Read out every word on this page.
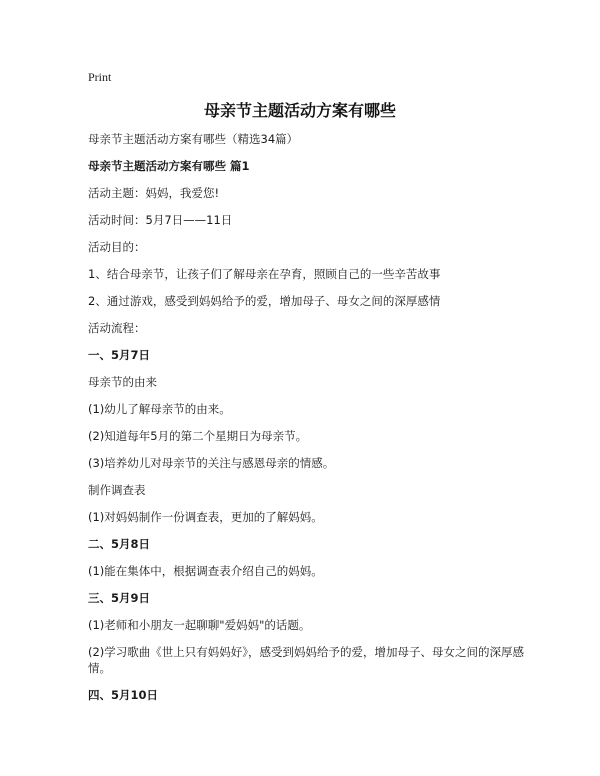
Print
母亲节主题活动方案有哪些

母亲节主题活动方案有哪些（精选34篇）

母亲节主题活动方案有哪些 篇1

活动主题：妈妈，我爱您!

活动时间：5月7日——11日

活动目的：

1、结合母亲节，让孩子们了解母亲在孕育，照顾自己的一些辛苦故事

2、通过游戏，感受到妈妈给予的爱，增加母子、母女之间的深厚感情

活动流程：

一、5月7日

母亲节的由来

(1)幼儿了解母亲节的由来。

(2)知道每年5月的第二个星期日为母亲节。

(3)培养幼儿对母亲节的关注与感恩母亲的情感。

制作调查表

(1)对妈妈制作一份调查表，更加的了解妈妈。

二、5月8日

(1)能在集体中，根据调查表介绍自己的妈妈。

三、5月9日

(1)老师和小朋友一起聊聊"爱妈妈"的话题。

(2)学习歌曲《世上只有妈妈好》，感受到妈妈给予的爱，增加母子、母女之间的深厚感情。

四、5月10日
